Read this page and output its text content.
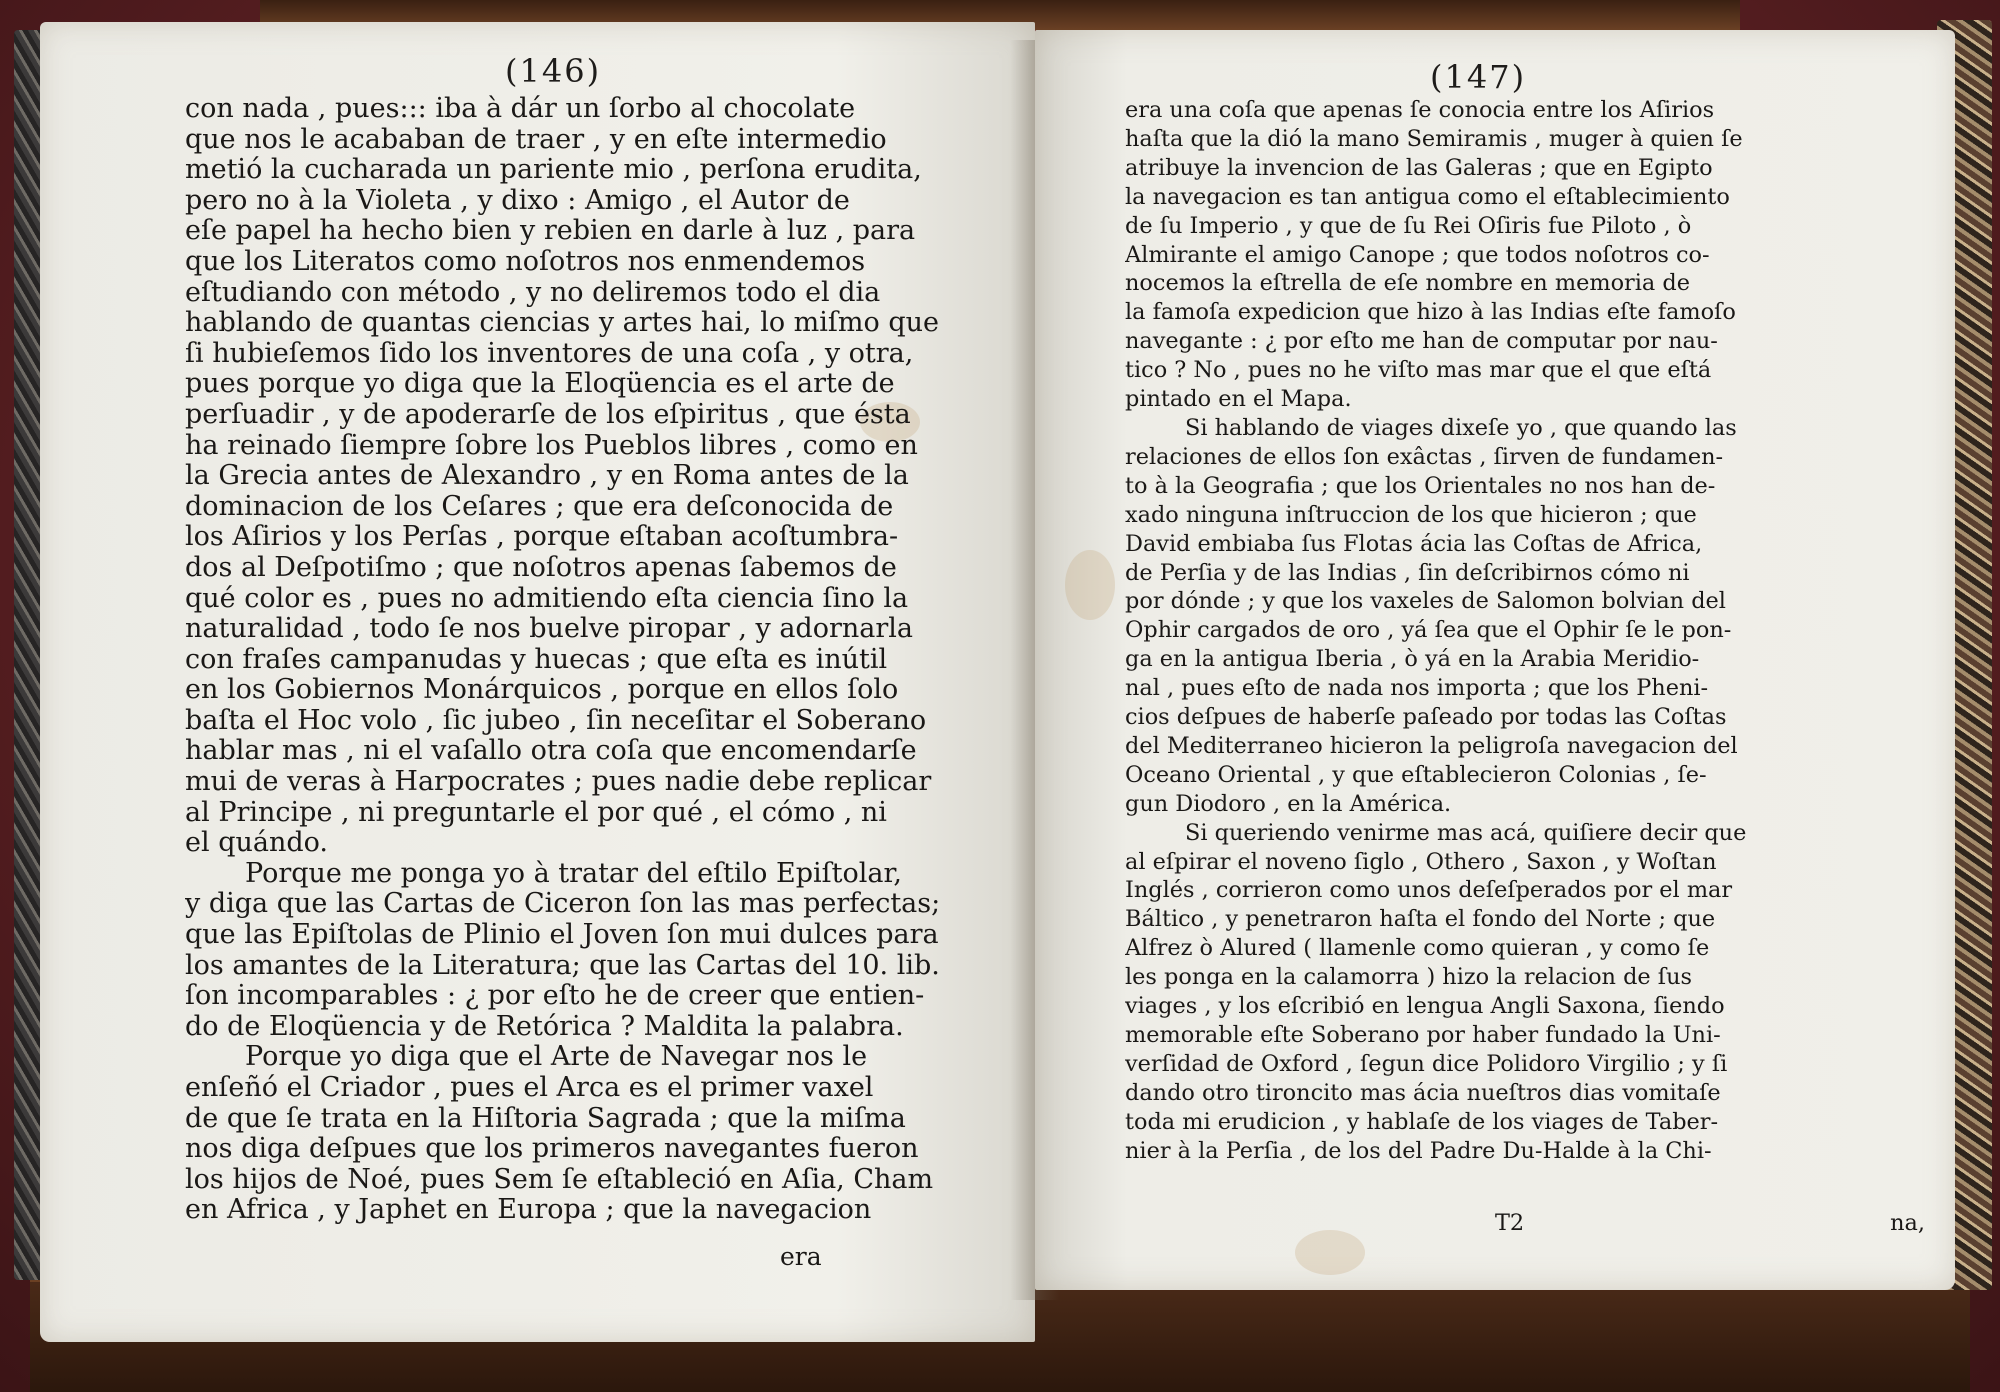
(146)
con nada , pues::: iba à dár un ſorbo al chocolate
que nos le acababan de traer , y en eſte intermedio
metió la cucharada un pariente mio , perſona erudita,
pero no à la Violeta , y dixo : Amigo , el Autor de
eſe papel ha hecho bien y rebien en darle à luz , para
que los Literatos como noſotros nos enmendemos
eſtudiando con método , y no deliremos todo el dia
hablando de quantas ciencias y artes hai, lo miſmo que
ſi hubieſemos ſido los inventores de una coſa , y otra,
pues porque yo diga que la Eloqüencia es el arte de
perſuadir , y de apoderarſe de los eſpiritus , que ésta
ha reinado ſiempre ſobre los Pueblos libres , como en
la Grecia antes de Alexandro , y en Roma antes de la
dominacion de los Ceſares ; que era deſconocida de
los Aſirios y los Perſas , porque eſtaban acoſtumbra-
dos al Deſpotiſmo ; que noſotros apenas ſabemos de
qué color es , pues no admitiendo eſta ciencia ſino la
naturalidad , todo ſe nos buelve piropar , y adornarla
con fraſes campanudas y huecas ; que eſta es inútil
en los Gobiernos Monárquicos , porque en ellos ſolo
baſta el Hoc volo , ſic jubeo , ſin neceſitar el Soberano
hablar mas , ni el vaſallo otra coſa que encomendarſe
mui de veras à Harpocrates ; pues nadie debe replicar
al Principe , ni preguntarle el por qué , el cómo , ni
el quándo.
Porque me ponga yo à tratar del eſtilo Epiſtolar,
y diga que las Cartas de Ciceron ſon las mas perfectas;
que las Epiſtolas de Plinio el Joven ſon mui dulces para
los amantes de la Literatura; que las Cartas del 10. lib.
ſon incomparables : ¿ por eſto he de creer que entien-
do de Eloqüencia y de Retórica ? Maldita la palabra.
Porque yo diga que el Arte de Navegar nos le
enſeñó el Criador , pues el Arca es el primer vaxel
de que ſe trata en la Hiſtoria Sagrada ; que la miſma
nos diga deſpues que los primeros navegantes fueron
los hijos de Noé, pues Sem ſe eſtableció en Aſia, Cham
en Africa , y Japhet en Europa ; que la navegacion
era
(147)
era una coſa que apenas ſe conocia entre los Aſirios
haſta que la dió la mano Semiramis , muger à quien ſe
atribuye la invencion de las Galeras ; que en Egipto
la navegacion es tan antigua como el eſtablecimiento
de ſu Imperio , y que de ſu Rei Oſiris fue Piloto , ò
Almirante el amigo Canope ; que todos noſotros co-
nocemos la eſtrella de eſe nombre en memoria de
la famoſa expedicion que hizo à las Indias eſte famoſo
navegante : ¿ por eſto me han de computar por nau-
tico ? No , pues no he viſto mas mar que el que eſtá
pintado en el Mapa.
Si hablando de viages dixeſe yo , que quando las
relaciones de ellos ſon exâctas , ſirven de fundamen-
to à la Geografia ; que los Orientales no nos han de-
xado ninguna inſtruccion de los que hicieron ; que
David embiaba ſus Flotas ácia las Coſtas de Africa,
de Perſia y de las Indias , ſin deſcribirnos cómo ni
por dónde ; y que los vaxeles de Salomon bolvian del
Ophir cargados de oro , yá ſea que el Ophir ſe le pon-
ga en la antigua Iberia , ò yá en la Arabia Meridio-
nal , pues eſto de nada nos importa ; que los Pheni-
cios deſpues de haberſe paſeado por todas las Coſtas
del Mediterraneo hicieron la peligroſa navegacion del
Oceano Oriental , y que eſtablecieron Colonias , ſe-
gun Diodoro , en la América.
Si queriendo venirme mas acá, quiſiere decir que
al eſpirar el noveno ſiglo , Othero , Saxon , y Woſtan
Inglés , corrieron como unos deſeſperados por el mar
Báltico , y penetraron haſta el fondo del Norte ; que
Alfrez ò Alured ( llamenle como quieran , y como ſe
les ponga en la calamorra ) hizo la relacion de ſus
viages , y los eſcribió en lengua Angli Saxona, ſiendo
memorable eſte Soberano por haber fundado la Uni-
verſidad de Oxford , ſegun dice Polidoro Virgilio ; y ſi
dando otro tironcito mas ácia nueſtros dias vomitaſe
toda mi erudicion , y hablaſe de los viages de Taber-
nier à la Perſia , de los del Padre Du-Halde à la Chi-
T2	na,
